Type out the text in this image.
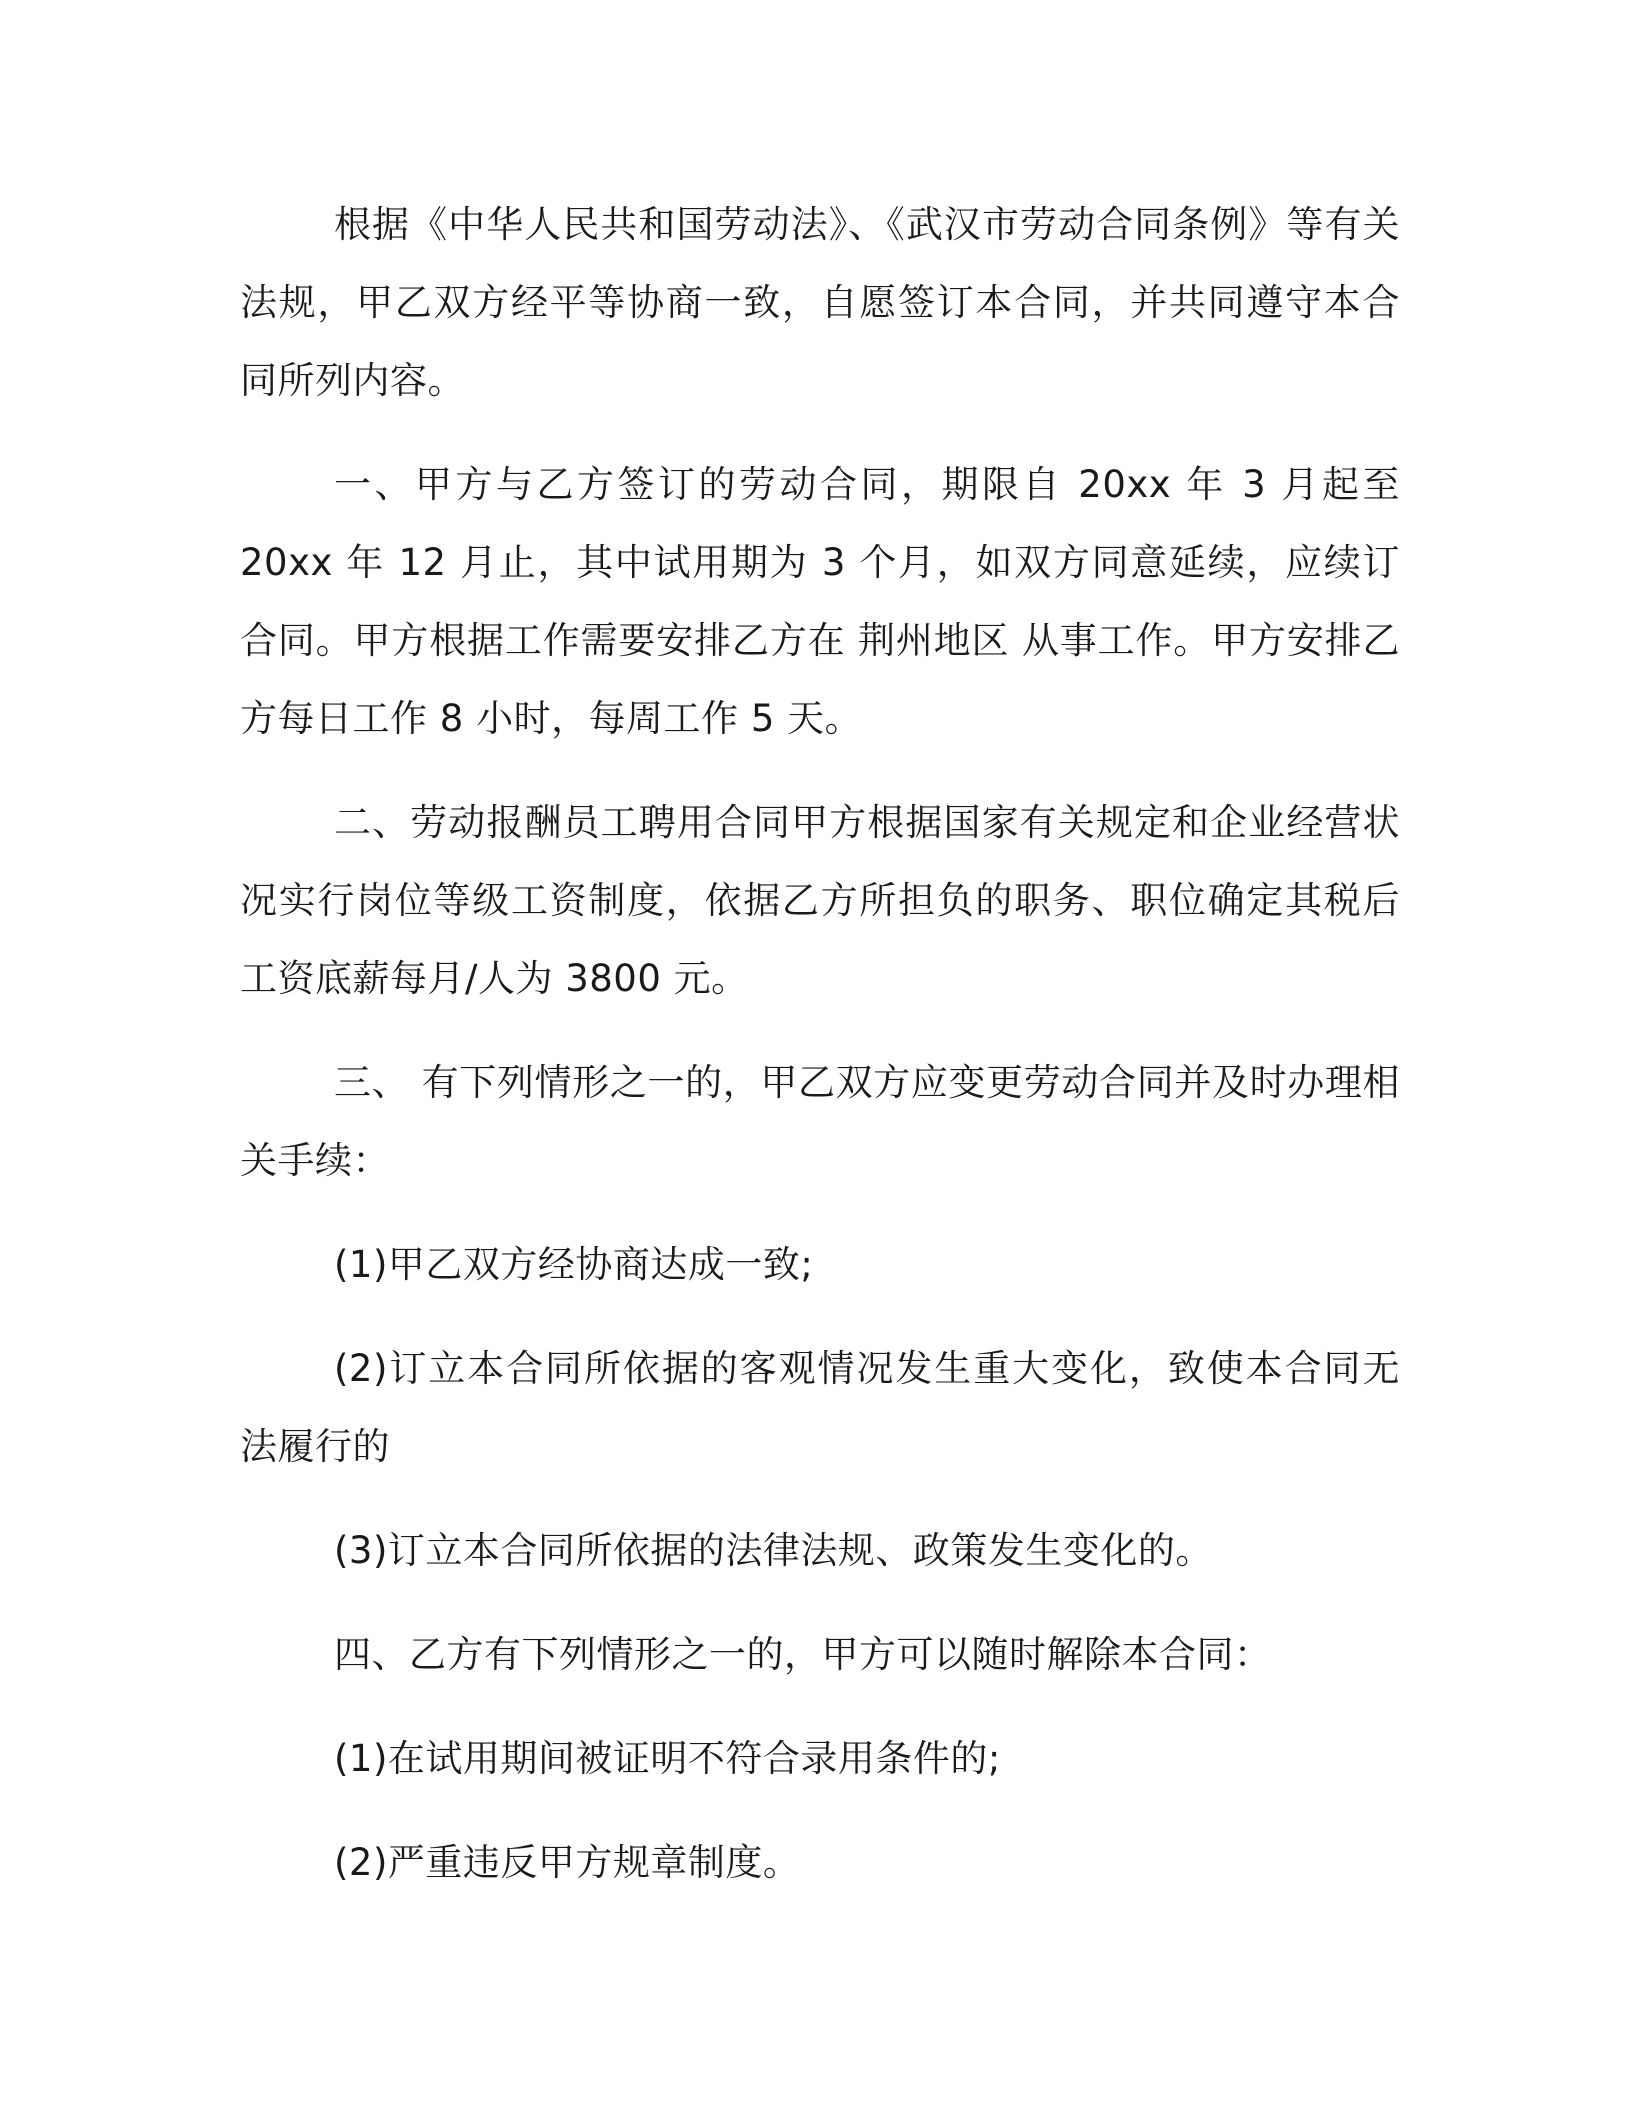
根据《中华人民共和国劳动法》、《武汉市劳动合同条例》等有关法规，甲乙双方经平等协商一致，自愿签订本合同，并共同遵守本合同所列内容。

一、甲方与乙方签订的劳动合同，期限自 20xx 年 3 月起至 20xx 年 12 月止，其中试用期为 3 个月，如双方同意延续，应续订合同。甲方根据工作需要安排乙方在 荆州地区 从事工作。甲方安排乙方每日工作 8 小时，每周工作 5 天。

二、劳动报酬员工聘用合同甲方根据国家有关规定和企业经营状况实行岗位等级工资制度，依据乙方所担负的职务、职位确定其税后工资底薪每月/人为 3800 元。

三、 有下列情形之一的，甲乙双方应变更劳动合同并及时办理相关手续：

(1)甲乙双方经协商达成一致;

(2)订立本合同所依据的客观情况发生重大变化，致使本合同无法履行的

(3)订立本合同所依据的法律法规、政策发生变化的。

四、乙方有下列情形之一的，甲方可以随时解除本合同：

(1)在试用期间被证明不符合录用条件的;

(2)严重违反甲方规章制度。
